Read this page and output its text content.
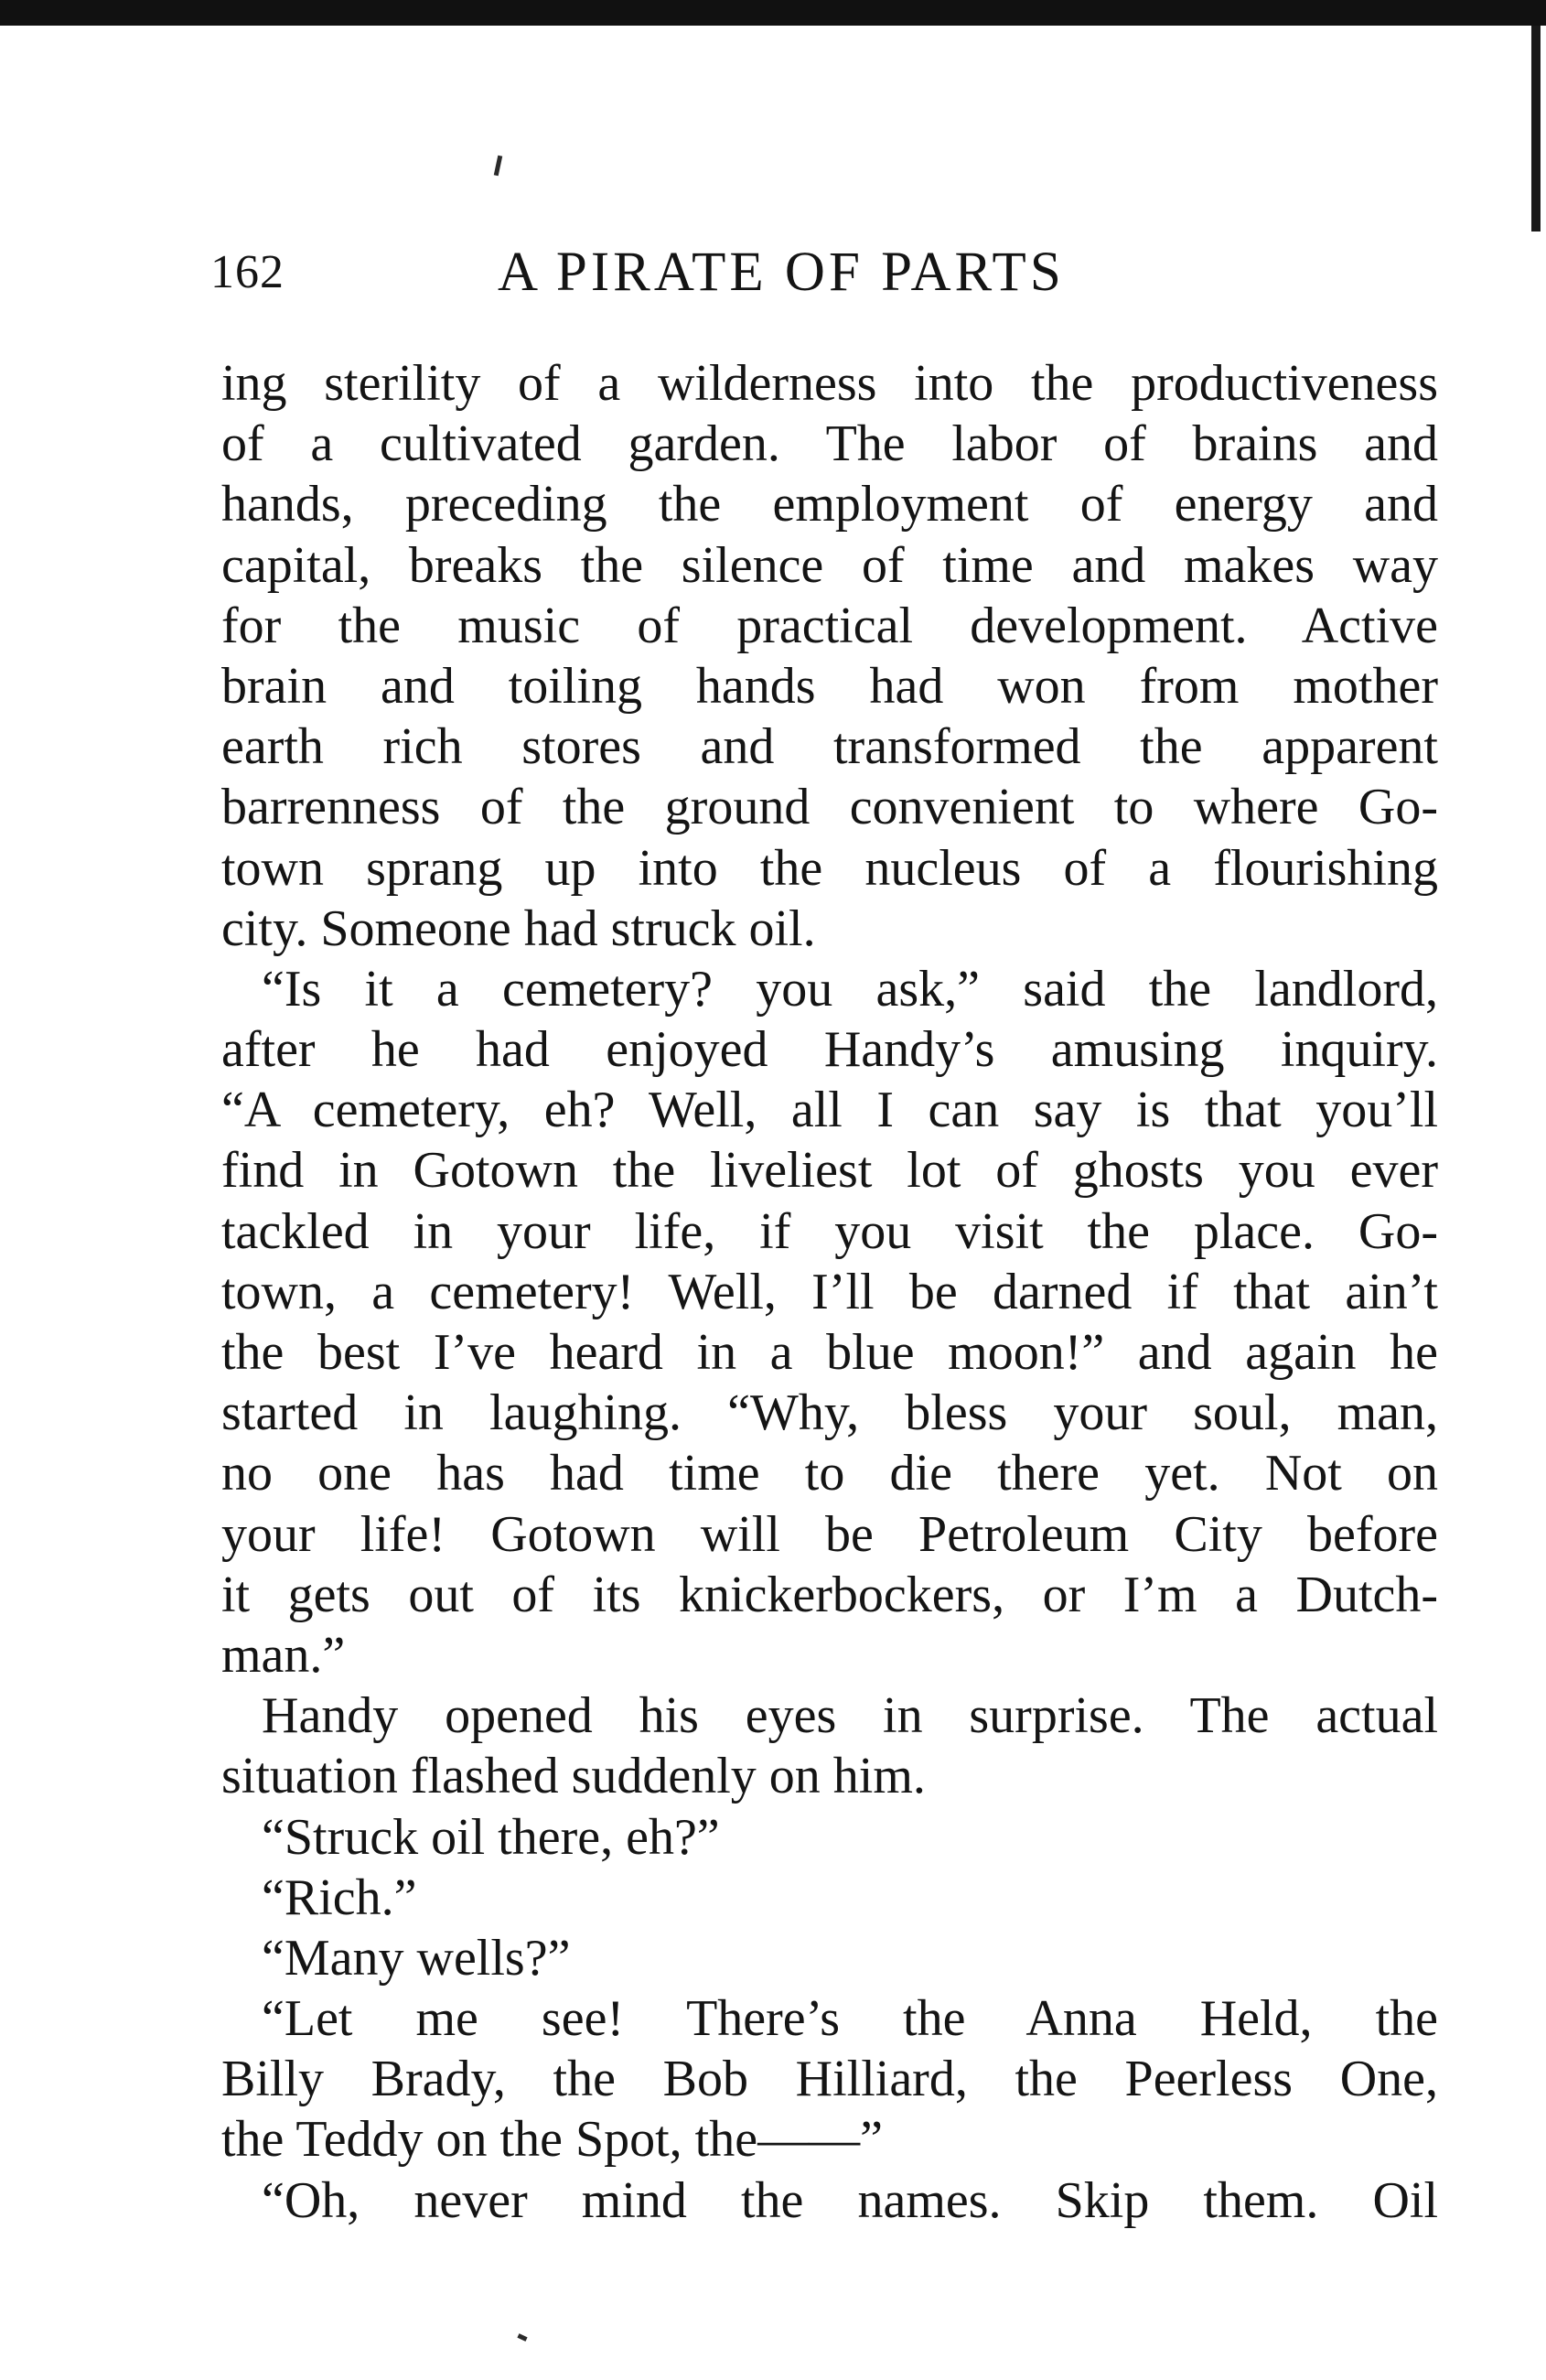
162	A PIRATE OF PARTS
ing sterility of a wilderness into the productiveness
of a cultivated garden. The labor of brains and
hands, preceding the employment of energy and
capital, breaks the silence of time and makes way
for the music of practical development. Active
brain and toiling hands had won from mother
earth rich stores and transformed the apparent
barrenness of the ground convenient to where Go-
town sprang up into the nucleus of a flourishing
city. Someone had struck oil.
“Is it a cemetery? you ask,” said the landlord,
after he had enjoyed Handy’s amusing inquiry.
“A cemetery, eh? Well, all I can say is that you’ll
find in Gotown the liveliest lot of ghosts you ever
tackled in your life, if you visit the place. Go-
town, a cemetery! Well, I’ll be darned if that ain’t
the best I’ve heard in a blue moon!” and again he
started in laughing. “Why, bless your soul, man,
no one has had time to die there yet. Not on
your life! Gotown will be Petroleum City before
it gets out of its knickerbockers, or I’m a Dutch-
man.”
Handy opened his eyes in surprise. The actual
situation flashed suddenly on him.
“Struck oil there, eh?”
“Rich.”
“Many wells?”
“Let me see! There’s the Anna Held, the
Billy Brady, the Bob Hilliard, the Peerless One,
the Teddy on the Spot, the——”
“Oh, never mind the names. Skip them. Oil
